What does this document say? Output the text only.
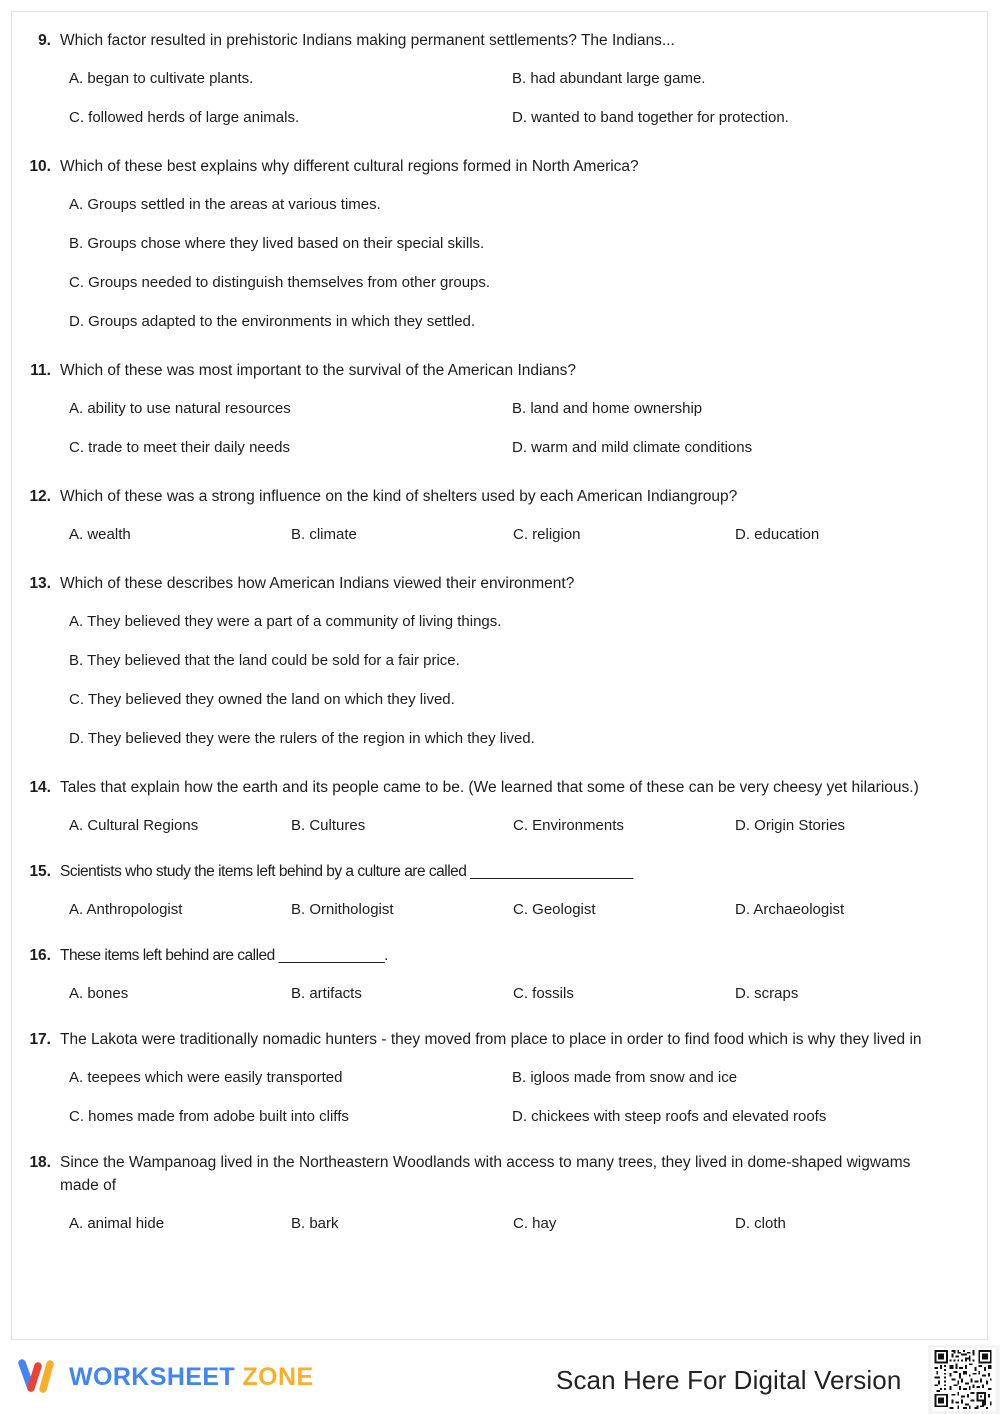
9. Which factor resulted in prehistoric Indians making permanent settlements? The Indians...
A. began to cultivate plants.	B. had abundant large game.
C. followed herds of large animals.	D. wanted to band together for protection.
10. Which of these best explains why different cultural regions formed in North America?
A. Groups settled in the areas at various times.
B. Groups chose where they lived based on their special skills.
C. Groups needed to distinguish themselves from other groups.
D. Groups adapted to the environments in which they settled.
11. Which of these was most important to the survival of the American Indians?
A. ability to use natural resources	B. land and home ownership
C. trade to meet their daily needs	D. warm and mild climate conditions
12. Which of these was a strong influence on the kind of shelters used by each American Indiangroup?
A. wealth	B. climate	C. religion	D. education
13. Which of these describes how American Indians viewed their environment?
A. They believed they were a part of a community of living things.
B. They believed that the land could be sold for a fair price.
C. They believed they owned the land on which they lived.
D. They believed they were the rulers of the region in which they lived.
14. Tales that explain how the earth and its people came to be. (We learned that some of these can be very cheesy yet hilarious.)
A. Cultural Regions	B. Cultures	C. Environments	D. Origin Stories
15. Scientists who study the items left behind by a culture are called ____________________
A. Anthropologist	B. Ornithologist	C. Geologist	D. Archaeologist
16. These items left behind are called _____________.
A. bones	B. artifacts	C. fossils	D. scraps
17. The Lakota were traditionally nomadic hunters - they moved from place to place in order to find food which is why they lived in
A. teepees which were easily transported	B. igloos made from snow and ice
C. homes made from adobe built into cliffs	D. chickees with steep roofs and elevated roofs
18. Since the Wampanoag lived in the Northeastern Woodlands with access to many trees, they lived in dome-shaped wigwams made of
A. animal hide	B. bark	C. hay	D. cloth
WORKSHEET ZONE	Scan Here For Digital Version
